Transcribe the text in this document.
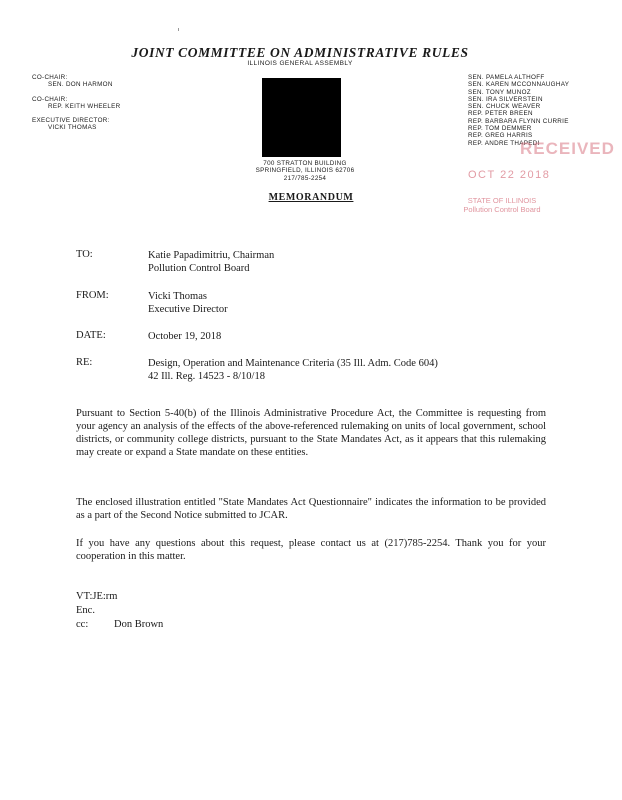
JOINT COMMITTEE ON ADMINISTRATIVE RULES
ILLINOIS GENERAL ASSEMBLY
CO-CHAIR:
SEN. DON HARMON
CO-CHAIR:
REP. KEITH WHEELER
EXECUTIVE DIRECTOR:
VICKI THOMAS
700 STRATTON BUILDING
SPRINGFIELD, ILLINOIS 62706
217/785-2254
SEN. PAMELA ALTHOFF
SEN. KAREN MCCONNAUGHAY
SEN. TONY MUNOZ
SEN. IRA SILVERSTEIN
SEN. CHUCK WEAVER
REP. PETER BREEN
REP. BARBARA FLYNN CURRIE
REP. TOM DEMMER
REP. GREG HARRIS
REP. ANDRE THAPEDI
RECEIVED
OCT 22 2018
STATE OF ILLINOIS
Pollution Control Board
MEMORANDUM
TO:	Katie Papadimitriu, Chairman
Pollution Control Board
FROM:	Vicki Thomas
Executive Director
DATE:	October 19, 2018
RE:	Design, Operation and Maintenance Criteria (35 Ill. Adm. Code 604)
42 Ill. Reg. 14523 - 8/10/18
Pursuant to Section 5-40(b) of the Illinois Administrative Procedure Act, the Committee is requesting from your agency an analysis of the effects of the above-referenced rulemaking on units of local government, school districts, or community college districts, pursuant to the State Mandates Act, as it appears that this rulemaking may create or expand a State mandate on these entities.
The enclosed illustration entitled "State Mandates Act Questionnaire" indicates the information to be provided as a part of the Second Notice submitted to JCAR.
If you have any questions about this request, please contact us at (217)785-2254. Thank you for your cooperation in this matter.
VT:JE:rm
Enc.
cc: Don Brown
